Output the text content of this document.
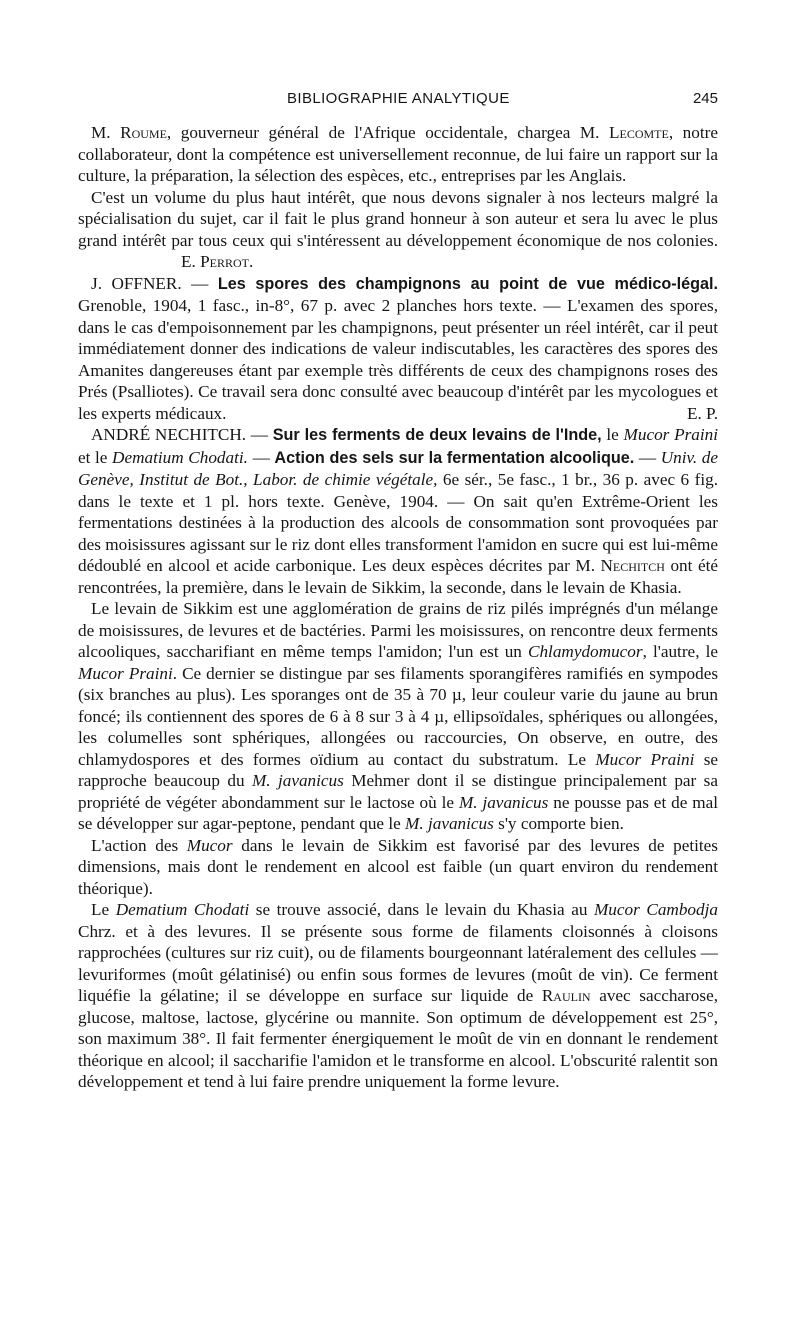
BIBLIOGRAPHIE ANALYTIQUE	245

M. Roume, gouverneur général de l'Afrique occidentale, chargea M. Lecomte, notre collaborateur, dont la compétence est universellement reconnue, de lui faire un rapport sur la culture, la préparation, la sélection des espèces, etc., entreprises par les Anglais.

C'est un volume du plus haut intérêt, que nous devons signaler à nos lecteurs malgré la spécialisation du sujet, car il fait le plus grand honneur à son auteur et sera lu avec le plus grand intérêt par tous ceux qui s'intéressent au développement économique de nos colonies.E. Perrot.

J. OFFNER. — Les spores des champignons au point de vue médico-légal. Grenoble, 1904, 1 fasc., in-8°, 67 p. avec 2 planches hors texte. — L'examen des spores, dans le cas d'empoisonnement par les champignons, peut présenter un réel intérêt, car il peut immédiatement donner des indications de valeur indiscutables, les caractères des spores des Amanites dangereuses étant par exemple très différents de ceux des champignons roses des Prés (Psalliotes). Ce travail sera donc consulté avec beaucoup d'intérêt par les mycologues et les experts médicaux.	E. P.

ANDRÉ NECHITCH. — Sur les ferments de deux levains de l'Inde, le Mucor Praini et le Dematium Chodati. — Action des sels sur la fermentation alcoolique. — Univ. de Genève, Institut de Bot., Labor. de chimie végétale, 6e sér., 5e fasc., 1 br., 36 p. avec 6 fig. dans le texte et 1 pl. hors texte. Genève, 1904. — On sait qu'en Extrême-Orient les fermentations destinées à la production des alcools de consommation sont provoquées par des moisissures agissant sur le riz dont elles transforment l'amidon en sucre qui est lui-même dédoublé en alcool et acide carbonique. Les deux espèces décrites par M. Nechitch ont été rencontrées, la première, dans le levain de Sikkim, la seconde, dans le levain de Khasia.

Le levain de Sikkim est une agglomération de grains de riz pilés imprégnés d'un mélange de moisissures, de levures et de bactéries. Parmi les moisissures, on rencontre deux ferments alcooliques, saccharifiant en même temps l'amidon; l'un est un Chlamydomucor, l'autre, le Mucor Praini. Ce dernier se distingue par ses filaments sporangifères ramifiés en sympodes (six branches au plus). Les sporanges ont de 35 à 70 µ, leur couleur varie du jaune au brun foncé; ils contiennent des spores de 6 à 8 sur 3 à 4 µ, ellipsoïdales, sphériques ou allongées, les columelles sont sphériques, allongées ou raccourcies, On observe, en outre, des chlamydospores et des formes oïdium au contact du substratum. Le Mucor Praini se rapproche beaucoup du M. javanicus Mehmer dont il se distingue principalement par sa propriété de végéter abondamment sur le lactose où le M. javanicus ne pousse pas et de mal se développer sur agar-peptone, pendant que le M. javanicus s'y comporte bien.

L'action des Mucor dans le levain de Sikkim est favorisé par des levures de petites dimensions, mais dont le rendement en alcool est faible (un quart environ du rendement théorique).

Le Dematium Chodati se trouve associé, dans le levain du Khasia au Mucor Cambodja Chrz. et à des levures. Il se présente sous forme de filaments cloisonnés à cloisons rapprochées (cultures sur riz cuit), ou de filaments bourgeonnant latéralement des cellules — levuriformes (moût gélatinisé) ou enfin sous formes de levures (moût de vin). Ce ferment liquéfie la gélatine; il se développe en surface sur liquide de Raulin avec saccharose, glucose, maltose, lactose, glycérine ou mannite. Son optimum de développement est 25°, son maximum 38°. Il fait fermenter énergiquement le moût de vin en donnant le rendement théorique en alcool; il saccharifie l'amidon et le transforme en alcool. L'obscurité ralentit son développement et tend à lui faire prendre uniquement la forme levure.
